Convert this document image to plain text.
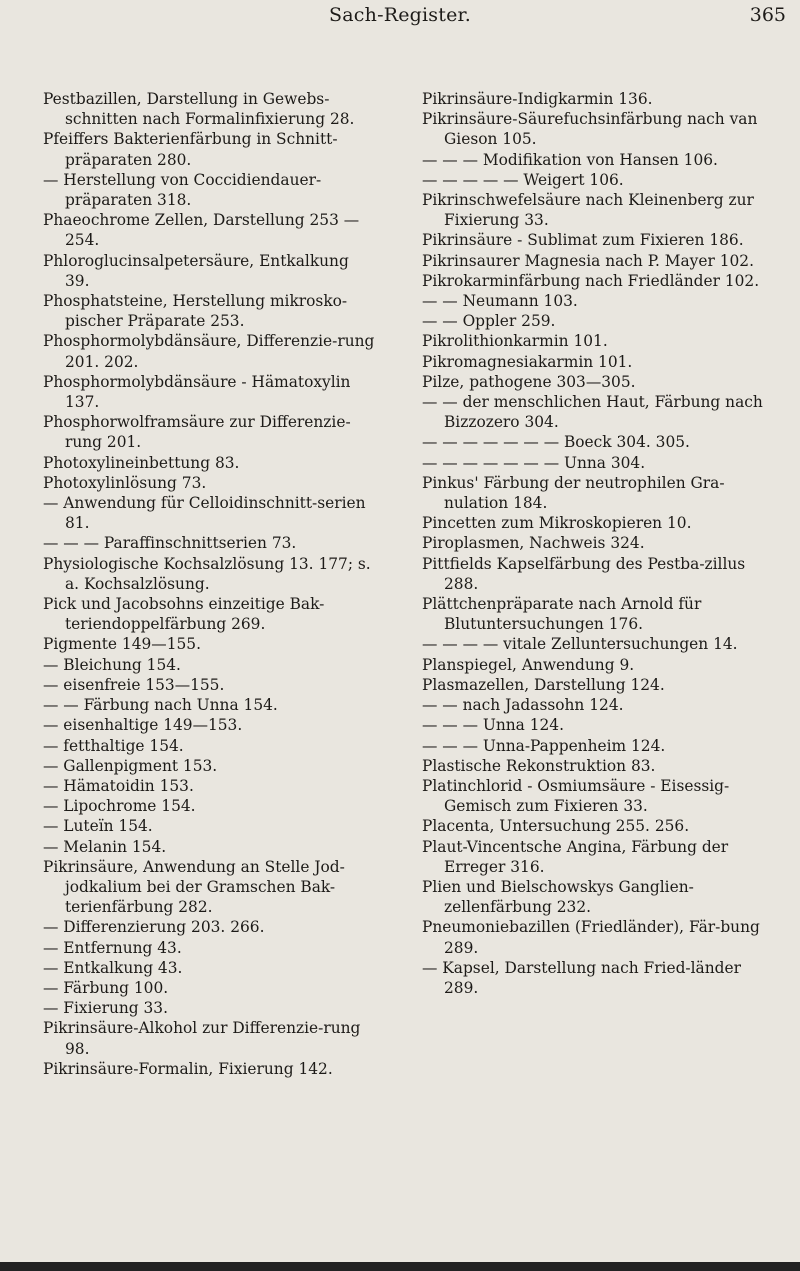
Sach-Register.	365

Pestbazillen, Darstellung in Gewebs-schnitten nach Formalinfixierung 28.

Pfeiffers Bakterienfärbung in Schnitt-präparaten 280.

— Herstellung von Coccidiendauer-präparaten 318.

Phaeochrome Zellen, Darstellung 253 —254.

Phloroglucinsalpetersäure, Entkalkung 39.

Phosphatsteine, Herstellung mikrosko-pischer Präparate 253.

Phosphormolybdänsäure, Differenzie-rung 201. 202.

Phosphormolybdänsäure - Hämatoxylin 137.

Phosphorwolframsäure zur Differenzie-rung 201.

Photoxylineinbettung 83.

Photoxylinlösung 73.

— Anwendung für Celloidinschnitt-serien 81.

— — — Paraffinschnittserien 73.

Physiologische Kochsalzlösung 13. 177; s. a. Kochsalzlösung.

Pick und Jacobsohns einzeitige Bak-teriendoppelfärbung 269.

Pigmente 149—155.

— Bleichung 154.

— eisenfreie 153—155.

— — Färbung nach Unna 154.

— eisenhaltige 149—153.

— fetthaltige 154.

— Gallenpigment 153.

— Hämatoidin 153.

— Lipochrome 154.

— Luteïn 154.

— Melanin 154.

Pikrinsäure, Anwendung an Stelle Jod-jodkalium bei der Gramschen Bak-terienfärbung 282.

— Differenzierung 203. 266.

— Entfernung 43.

— Entkalkung 43.

— Färbung 100.

— Fixierung 33.

Pikrinsäure-Alkohol zur Differenzie-rung 98.

Pikrinsäure-Formalin, Fixierung 142.

Pikrinsäure-Indigkarmin 136.

Pikrinsäure-Säurefuchsinfärbung nach van Gieson 105.

— — — Modifikation von Hansen 106.

— — — — — Weigert 106.

Pikrinschwefelsäure nach Kleinenberg zur Fixierung 33.

Pikrinsäure - Sublimat zum Fixieren 186.

Pikrinsaurer Magnesia nach P. Mayer 102.

Pikrokarminfärbung nach Friedländer 102.

— — Neumann 103.

— — Oppler 259.

Pikrolithionkarmin 101.

Pikromagnesiakarmin 101.

Pilze, pathogene 303—305.

— — der menschlichen Haut, Färbung nach Bizzozero 304.

— — — — — — — Boeck 304. 305.

— — — — — — — Unna 304.

Pinkus' Färbung der neutrophilen Gra-nulation 184.

Pincetten zum Mikroskopieren 10.

Piroplasmen, Nachweis 324.

Pittfields Kapselfärbung des Pestba-zillus 288.

Plättchenpräparate nach Arnold für Blutuntersuchungen 176.

— — — — vitale Zelluntersuchungen 14.

Planspiegel, Anwendung 9.

Plasmazellen, Darstellung 124.

— — nach Jadassohn 124.

— — — Unna 124.

— — — Unna-Pappenheim 124.

Plastische Rekonstruktion 83.

Platinchlorid - Osmiumsäure - Eisessig-Gemisch zum Fixieren 33.

Placenta, Untersuchung 255. 256.

Plaut-Vincentsche Angina, Färbung der Erreger 316.

Plien und Bielschowskys Ganglien-zellenfärbung 232.

Pneumoniebazillen (Friedländer), Fär-bung 289.

— Kapsel, Darstellung nach Fried-länder 289.
